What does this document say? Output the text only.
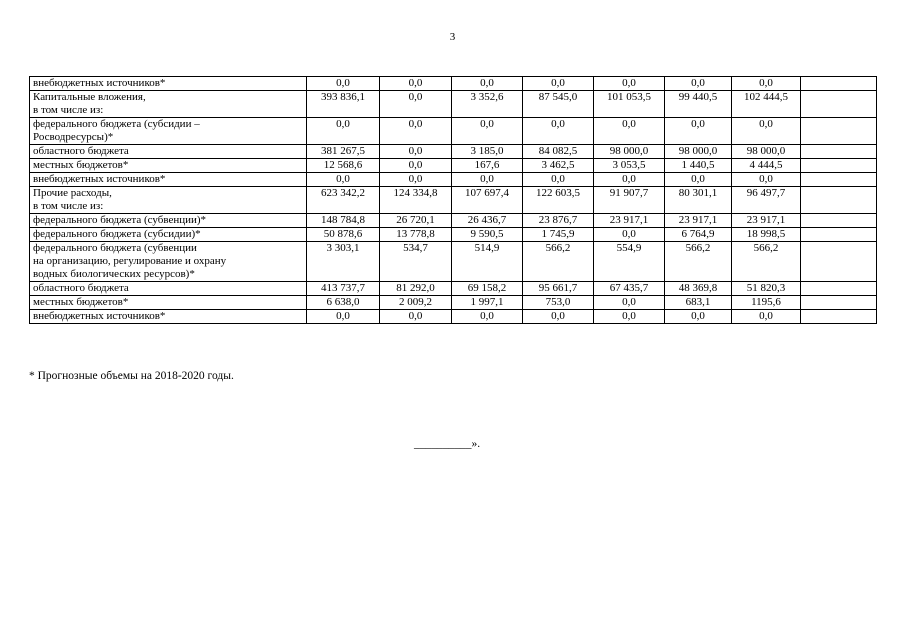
3
внебюджетных источников*	0,0	0,0	0,0	0,0	0,0	0,0	0,0	
Капитальные вложения,
в том числе из:	393 836,1	0,0	3 352,6	87 545,0	101 053,5	99 440,5	102 444,5	
федерального бюджета (субсидии –
Росводресурсы)*	0,0	0,0	0,0	0,0	0,0	0,0	0,0	
областного бюджета	381 267,5	0,0	3 185,0	84 082,5	98 000,0	98 000,0	98 000,0	
местных бюджетов*	12 568,6	0,0	167,6	3 462,5	3 053,5	1 440,5	4 444,5	
внебюджетных источников*	0,0	0,0	0,0	0,0	0,0	0,0	0,0	
Прочие расходы,
в том числе из:	623 342,2	124 334,8	107 697,4	122 603,5	91 907,7	80 301,1	96 497,7	
федерального бюджета (субвенции)*	148 784,8	26 720,1	26 436,7	23 876,7	23 917,1	23 917,1	23 917,1	
федерального бюджета (субсидии)*	50 878,6	13 778,8	9 590,5	1 745,9	0,0	6 764,9	18 998,5	
федерального бюджета (субвенции
на организацию, регулирование и охрану
водных биологических ресурсов)*	3 303,1	534,7	514,9	566,2	554,9	566,2	566,2	
областного бюджета	413 737,7	81 292,0	69 158,2	95 661,7	67 435,7	48 369,8	51 820,3	
местных бюджетов*	6 638,0	2 009,2	1 997,1	753,0	0,0	683,1	1195,6	
внебюджетных источников*	0,0	0,0	0,0	0,0	0,0	0,0	0,0	
* Прогнозные объемы на 2018-2020 годы.
__________».
